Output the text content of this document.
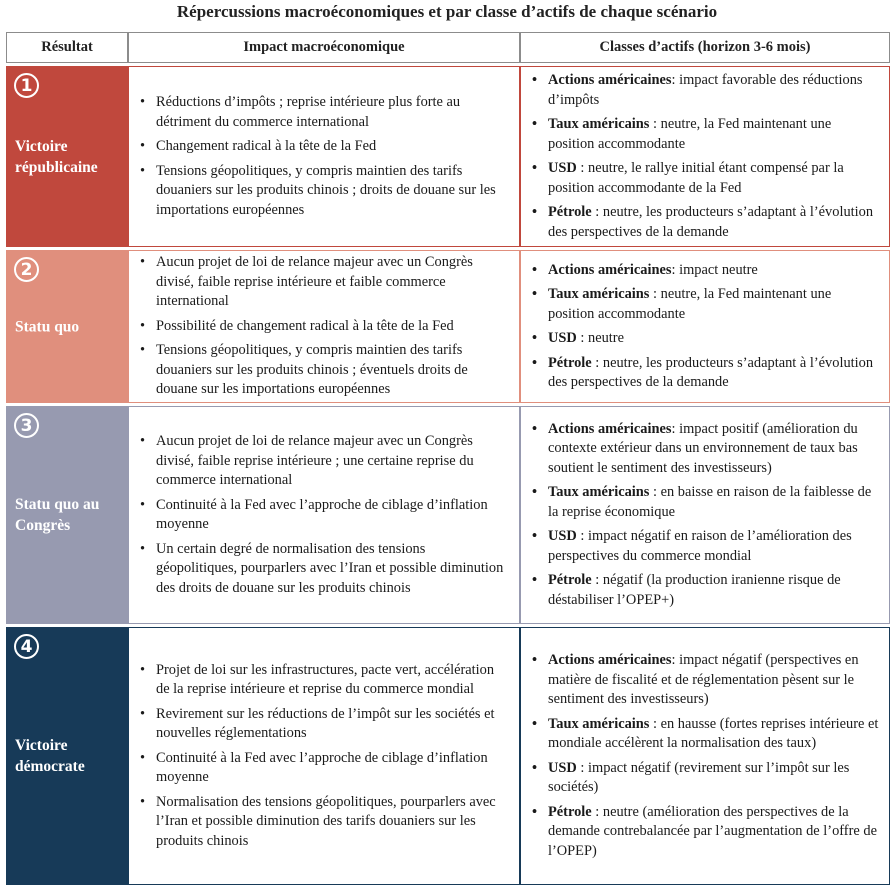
Répercussions macroéconomiques et par classe d’actifs de chaque scénario
Résultat	Impact macroéconomique	Classes d’actifs (horizon 3-6 mois)
1
Victoire républicaine
• Réductions d’impôts ; reprise intérieure plus forte au détriment du commerce international
• Changement radical à la tête de la Fed
• Tensions géopolitiques, y compris maintien des tarifs douaniers sur les produits chinois ; droits de douane sur les importations européennes
• Actions américaines: impact favorable des réductions d’impôts
• Taux américains : neutre, la Fed maintenant une position accommodante
• USD : neutre, le rallye initial étant compensé par la position accommodante de la Fed
• Pétrole : neutre, les producteurs s’adaptant à l’évolution des perspectives de la demande
2
Statu quo
• Aucun projet de loi de relance majeur avec un Congrès divisé, faible reprise intérieure et faible commerce international
• Possibilité de changement radical à la tête de la Fed
• Tensions géopolitiques, y compris maintien des tarifs douaniers sur les produits chinois ; éventuels droits de douane sur les importations européennes
• Actions américaines: impact neutre
• Taux américains : neutre, la Fed maintenant une position accommodante
• USD : neutre
• Pétrole : neutre, les producteurs s’adaptant à l’évolution des perspectives de la demande
3
Statu quo au Congrès
• Aucun projet de loi de relance majeur avec un Congrès divisé, faible reprise intérieure ; une certaine reprise du commerce international
• Continuité à la Fed avec l’approche de ciblage d’inflation moyenne
• Un certain degré de normalisation des tensions géopolitiques, pourparlers avec l’Iran et possible diminution des droits de douane sur les produits chinois
• Actions américaines: impact positif (amélioration du contexte extérieur dans un environnement de taux bas soutient le sentiment des investisseurs)
• Taux américains : en baisse en raison de la faiblesse de la reprise économique
• USD : impact négatif en raison de l’amélioration des perspectives du commerce mondial
• Pétrole : négatif (la production iranienne risque de déstabiliser l’OPEP+)
4
Victoire démocrate
• Projet de loi sur les infrastructures, pacte vert, accélération de la reprise intérieure et reprise du commerce mondial
• Revirement sur les réductions de l’impôt sur les sociétés et nouvelles réglementations
• Continuité à la Fed avec l’approche de ciblage d’inflation moyenne
• Normalisation des tensions géopolitiques, pourparlers avec l’Iran et possible diminution des tarifs douaniers sur les produits chinois
• Actions américaines: impact négatif (perspectives en matière de fiscalité et de réglementation pèsent sur le sentiment des investisseurs)
• Taux américains : en hausse (fortes reprises intérieure et mondiale accélèrent la normalisation des taux)
• USD : impact négatif (revirement sur l’impôt sur les sociétés)
• Pétrole : neutre (amélioration des perspectives de la demande contrebalancée par l’augmentation de l’offre de l’OPEP)
